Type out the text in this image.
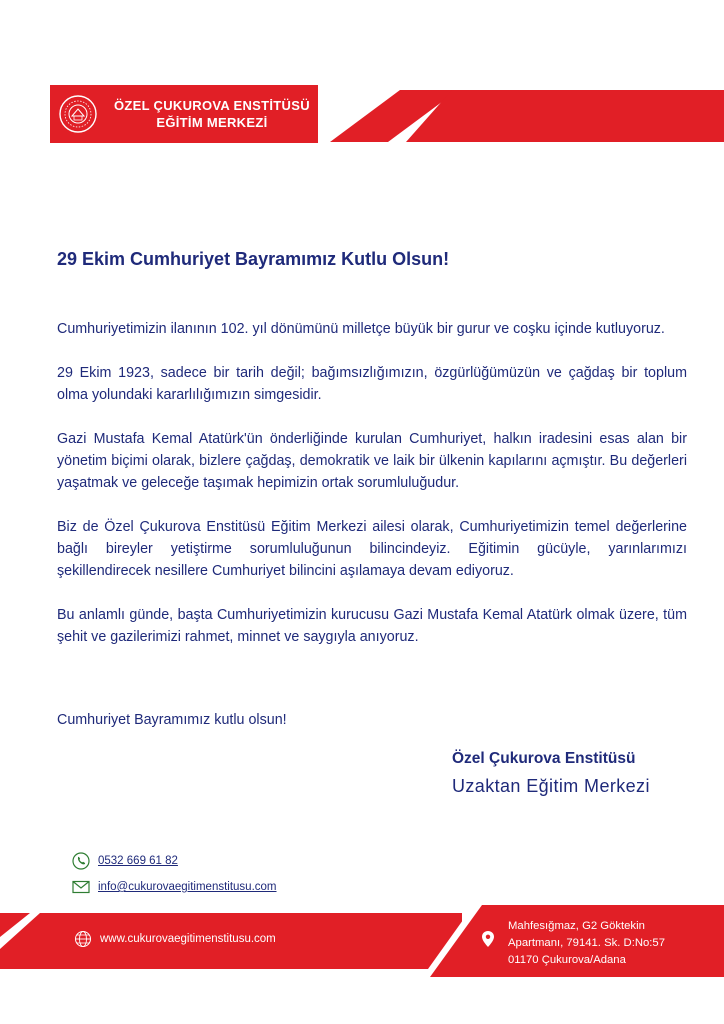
ÖZEL ÇUKUROVA ENSTİTÜSÜ
EĞİTİM MERKEZİ
29 Ekim Cumhuriyet Bayramımız Kutlu Olsun!

Cumhuriyetimizin ilanının 102. yıl dönümünü milletçe büyük bir gurur ve coşku içinde kutluyoruz.

29 Ekim 1923, sadece bir tarih değil; bağımsızlığımızın, özgürlüğümüzün ve çağdaş bir toplum olma yolundaki kararlılığımızın simgesidir.

Gazi Mustafa Kemal Atatürk'ün önderliğinde kurulan Cumhuriyet, halkın iradesini esas alan bir yönetim biçimi olarak, bizlere çağdaş, demokratik ve laik bir ülkenin kapılarını açmıştır. Bu değerleri yaşatmak ve geleceğe taşımak hepimizin ortak sorumluluğudur.

Biz de Özel Çukurova Enstitüsü Eğitim Merkezi ailesi olarak, Cumhuriyetimizin temel değerlerine bağlı bireyler yetiştirme sorumluluğunun bilincindeyiz. Eğitimin gücüyle, yarınlarımızı şekillendirecek nesillere Cumhuriyet bilincini aşılamaya devam ediyoruz.

Bu anlamlı günde, başta Cumhuriyetimizin kurucusu Gazi Mustafa Kemal Atatürk olmak üzere, tüm şehit ve gazilerimizi rahmet, minnet ve saygıyla anıyoruz.

Cumhuriyet Bayramımız kutlu olsun!
Özel Çukurova Enstitüsü
Uzaktan Eğitim Merkezi
0532 669 61 82
info@cukurovaegitimenstitusu.com
www.cukurovaegitimenstitusu.com
Mahfesığmaz, G2 Göktekin
Apartmanı, 79141. Sk. D:No:57
01170 Çukurova/Adana
